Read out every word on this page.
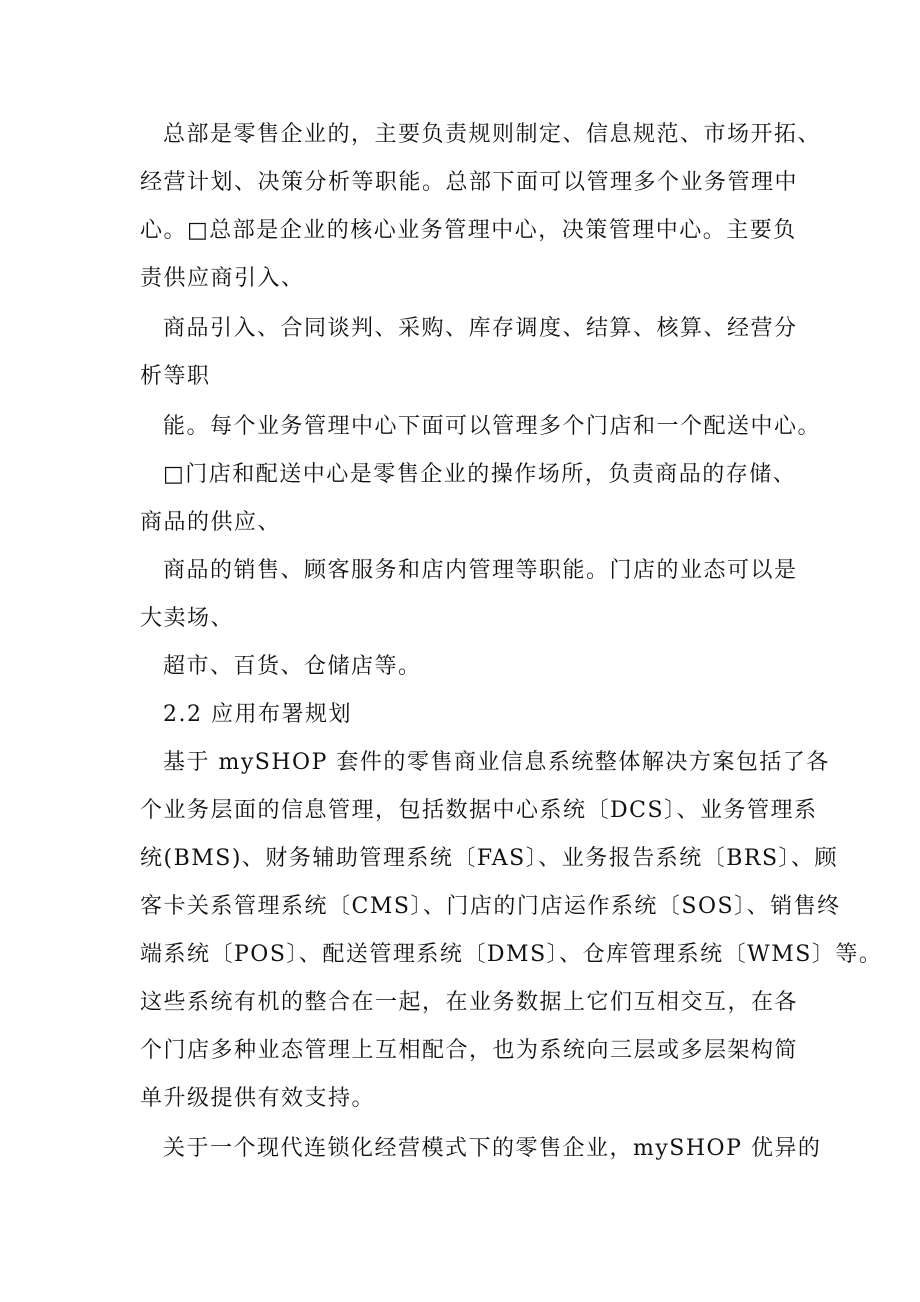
总部是零售企业的，主要负责规则制定、信息规范、市场开拓、
经营计划、决策分析等职能。总部下面可以管理多个业务管理中
心。□总部是企业的核心业务管理中心，决策管理中心。主要负
责供应商引入、
商品引入、合同谈判、采购、库存调度、结算、核算、经营分
析等职
能。每个业务管理中心下面可以管理多个门店和一个配送中心。
□门店和配送中心是零售企业的操作场所，负责商品的存储、
商品的供应、
商品的销售、顾客服务和店内管理等职能。门店的业态可以是
大卖场、
超市、百货、仓储店等。
2.2 应用布署规划
基于 mySHOP 套件的零售商业信息系统整体解决方案包括了各
个业务层面的信息管理，包括数据中心系统〔DCS〕、业务管理系
统(BMS)、财务辅助管理系统〔FAS〕、业务报告系统〔BRS〕、顾
客卡关系管理系统〔CMS〕、门店的门店运作系统〔SOS〕、销售终
端系统〔POS〕、配送管理系统〔DMS〕、仓库管理系统〔WMS〕等。
这些系统有机的整合在一起，在业务数据上它们互相交互，在各
个门店多种业态管理上互相配合，也为系统向三层或多层架构简
单升级提供有效支持。
关于一个现代连锁化经营模式下的零售企业，mySHOP 优异的
